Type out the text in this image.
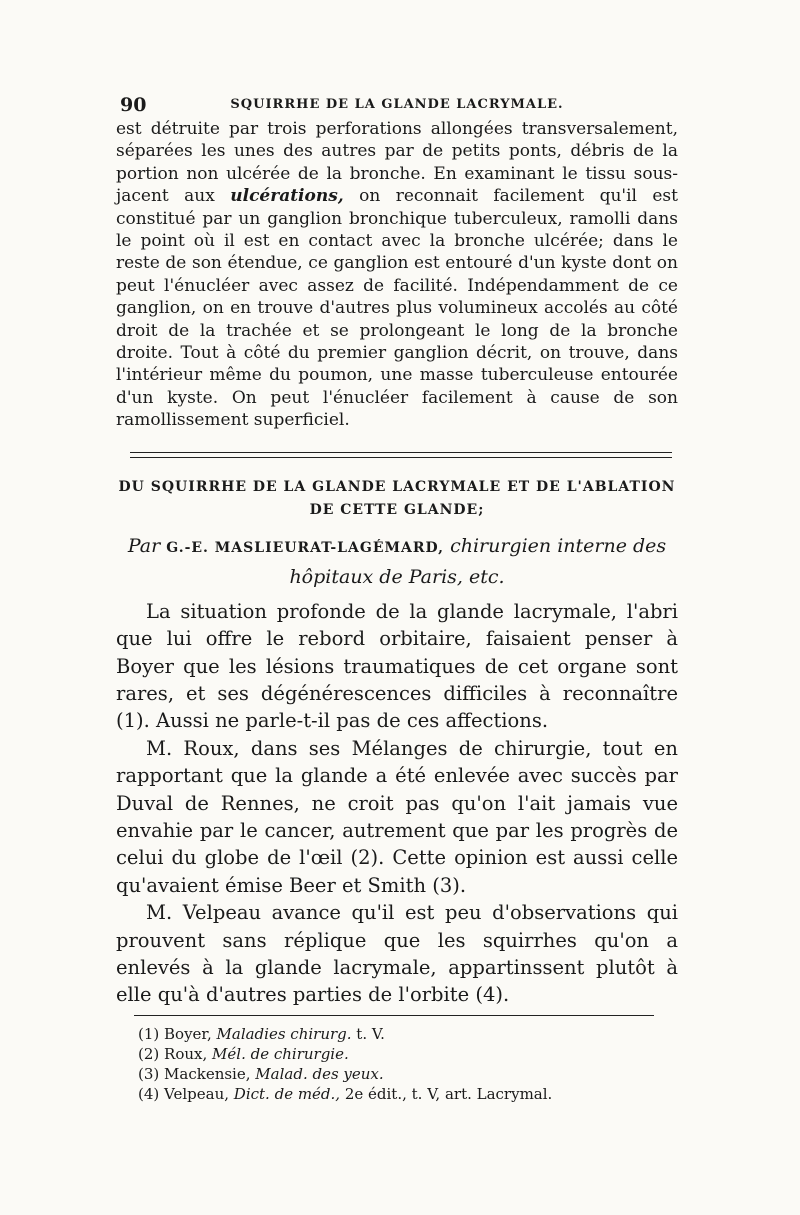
90	SQUIRRHE DE LA GLANDE LACRYMALE.

est détruite par trois perforations allongées transversalement, séparées les unes des autres par de petits ponts, débris de la portion non ulcérée de la bronche. En examinant le tissu sous-jacent aux ulcérations, on reconnait facilement qu'il est constitué par un ganglion bronchique tuberculeux, ramolli dans le point où il est en contact avec la bronche ulcérée; dans le reste de son étendue, ce ganglion est entouré d'un kyste dont on peut l'énucléer avec assez de facilité. Indépendamment de ce ganglion, on en trouve d'autres plus volumineux accolés au côté droit de la trachée et se prolongeant le long de la bronche droite. Tout à côté du premier ganglion décrit, on trouve, dans l'intérieur même du poumon, une masse tuberculeuse entourée d'un kyste. On peut l'énucléer facilement à cause de son ramollissement superficiel.

DU SQUIRRHE DE LA GLANDE LACRYMALE ET DE L'ABLATION
DE CETTE GLANDE;
Par G.-E. MASLIEURAT-LAGÉMARD, chirurgien interne des hôpitaux de Paris, etc.

La situation profonde de la glande lacrymale, l'abri que lui offre le rebord orbitaire, faisaient penser à Boyer que les lésions traumatiques de cet organe sont rares, et ses dégénérescences difficiles à reconnaître (1). Aussi ne parle-t-il pas de ces affections.

M. Roux, dans ses Mélanges de chirurgie, tout en rapportant que la glande a été enlevée avec succès par Duval de Rennes, ne croit pas qu'on l'ait jamais vue envahie par le cancer, autrement que par les progrès de celui du globe de l'œil (2). Cette opinion est aussi celle qu'avaient émise Beer et Smith (3).

M. Velpeau avance qu'il est peu d'observations qui prouvent sans réplique que les squirrhes qu'on a enlevés à la glande lacrymale, appartinssent plutôt à elle qu'à d'autres parties de l'orbite (4).

(1) Boyer, Maladies chirurg. t. V.

(2) Roux, Mél. de chirurgie.

(3) Mackensie, Malad. des yeux.

(4) Velpeau, Dict. de méd., 2e édit., t. V, art. Lacrymal.
